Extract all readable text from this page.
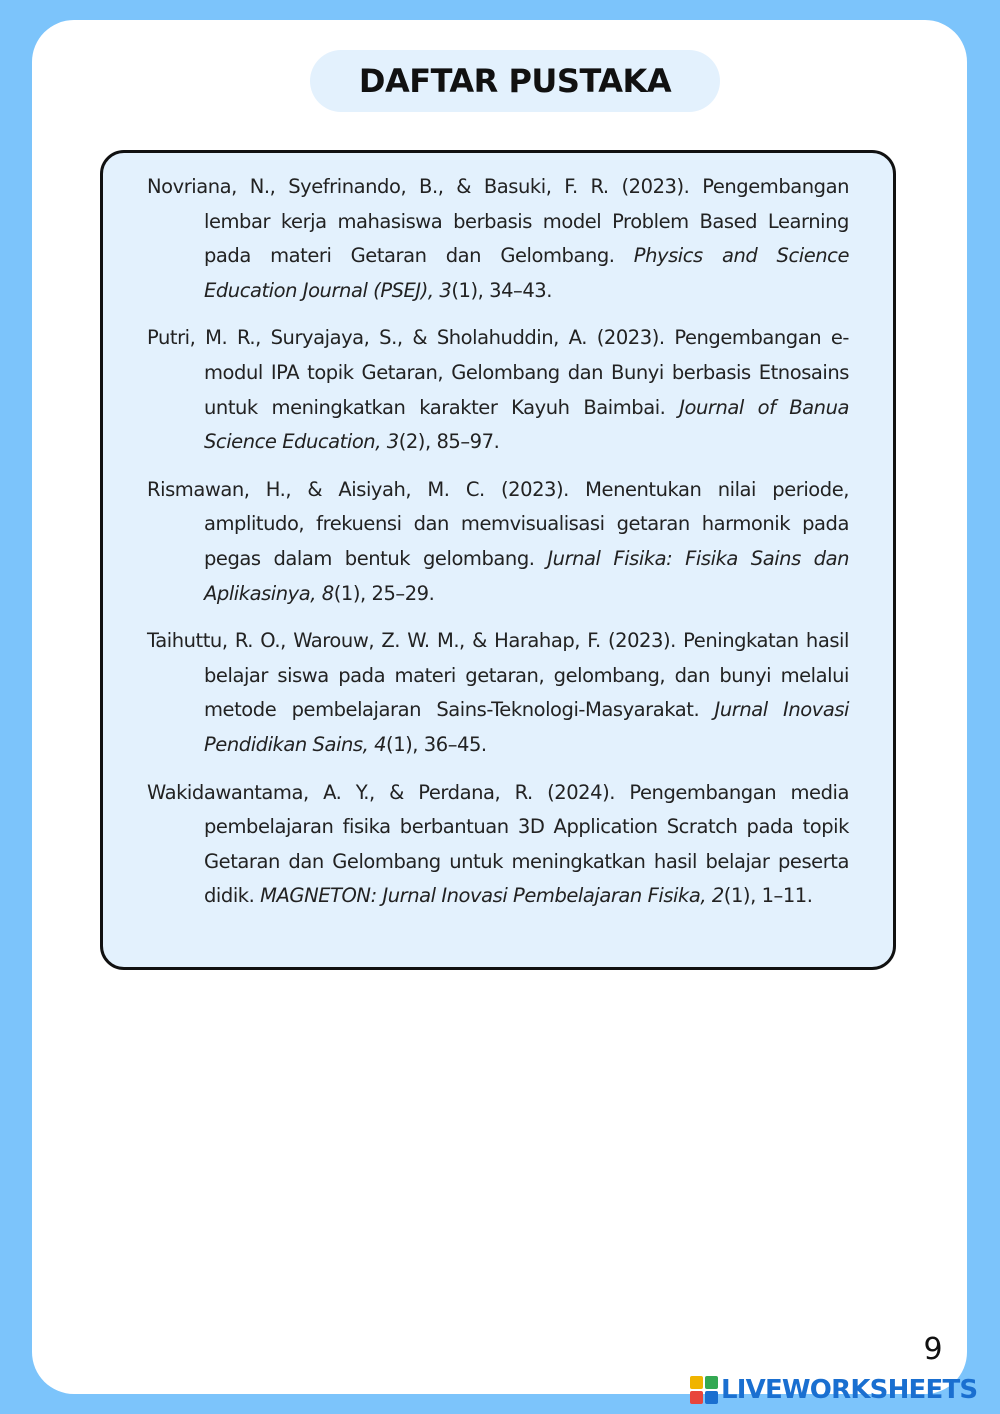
DAFTAR PUSTAKA

Novriana, N., Syefrinando, B., & Basuki, F. R. (2023). Pengembangan lembar kerja mahasiswa berbasis model Problem Based Learning pada materi Getaran dan Gelombang. Physics and Science Education Journal (PSEJ), 3(1), 34–43.

Putri, M. R., Suryajaya, S., & Sholahuddin, A. (2023). Pengembangan e-modul IPA topik Getaran, Gelombang dan Bunyi berbasis Etnosains untuk meningkatkan karakter Kayuh Baimbai. Journal of Banua Science Education, 3(2), 85–97.

Rismawan, H., & Aisiyah, M. C. (2023). Menentukan nilai periode, amplitudo, frekuensi dan memvisualisasi getaran harmonik pada pegas dalam bentuk gelombang. Jurnal Fisika: Fisika Sains dan Aplikasinya, 8(1), 25–29.

Taihuttu, R. O., Warouw, Z. W. M., & Harahap, F. (2023). Peningkatan hasil belajar siswa pada materi getaran, gelombang, dan bunyi melalui metode pembelajaran Sains-Teknologi-Masyarakat. Jurnal Inovasi Pendidikan Sains, 4(1), 36–45.

Wakidawantama, A. Y., & Perdana, R. (2024). Pengembangan media pembelajaran fisika berbantuan 3D Application Scratch pada topik Getaran dan Gelombang untuk meningkatkan hasil belajar peserta didik. MAGNETON: Jurnal Inovasi Pembelajaran Fisika, 2(1), 1–11.

9
LIVEWORKSHEETS
